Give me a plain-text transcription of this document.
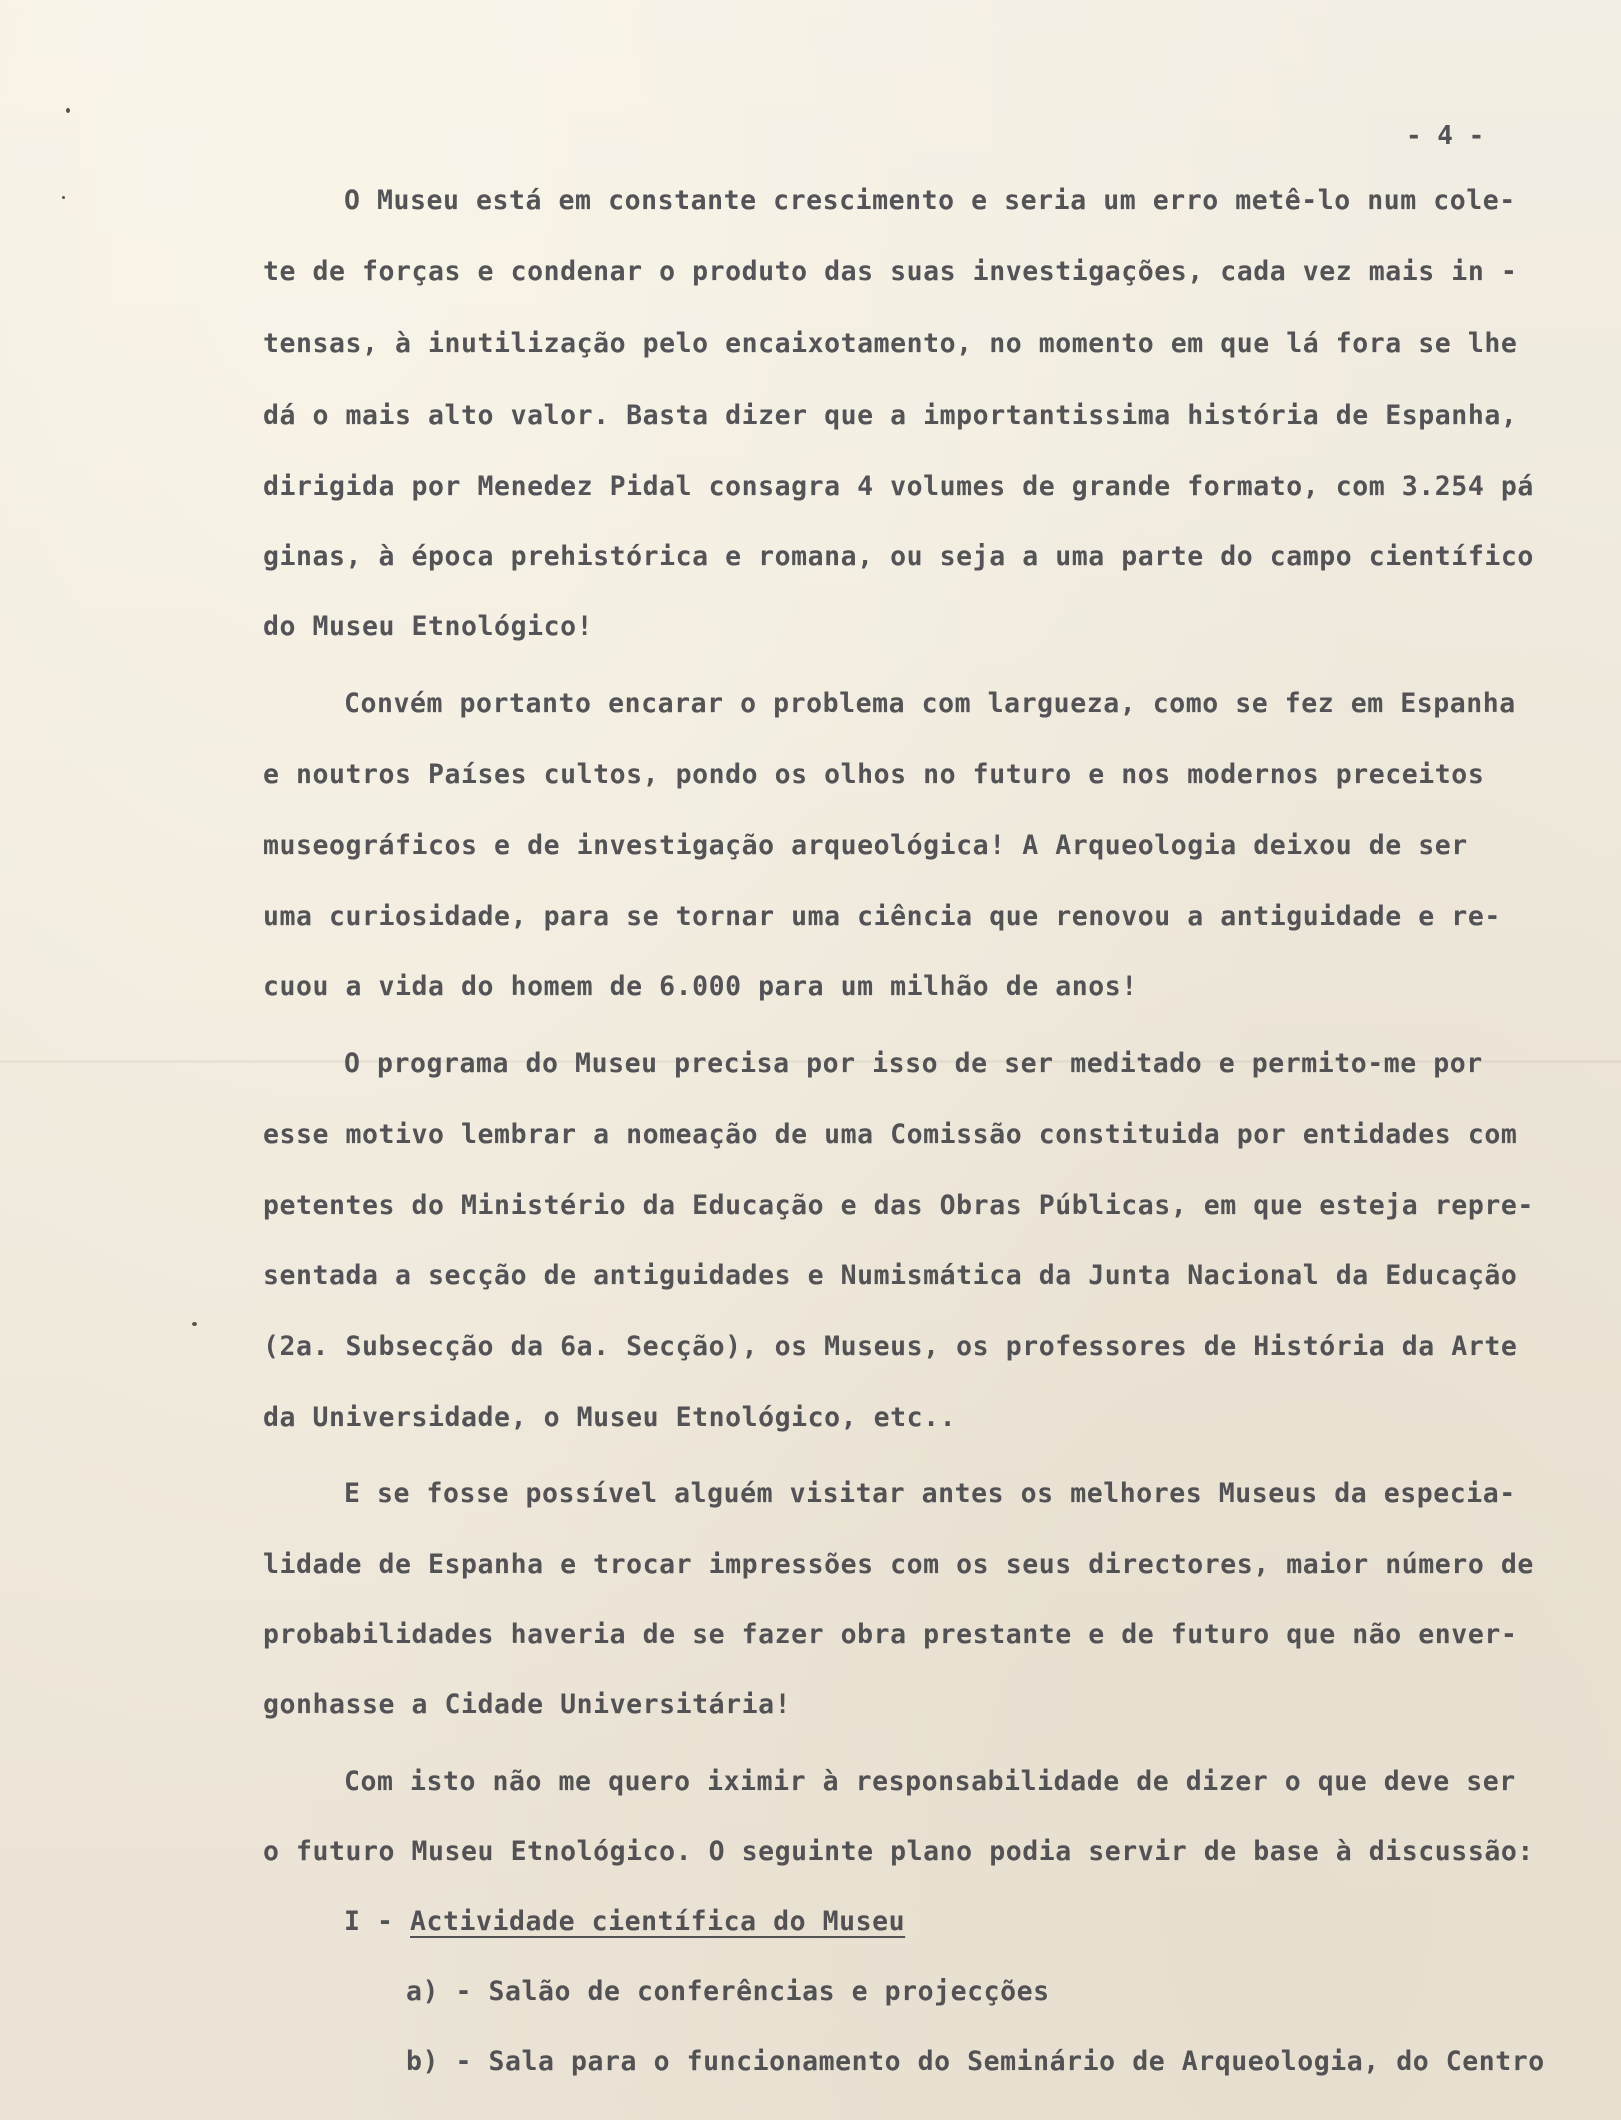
- 4 -

O Museu está em constante crescimento e seria um erro metê-lo num cole-

te de forças e condenar o produto das suas investigações, cada vez mais in -

tensas, à inutilização pelo encaixotamento, no momento em que lá fora se lhe

dá o mais alto valor. Basta dizer que a importantissima história de Espanha,

dirigida por Menedez Pidal consagra 4 volumes de grande formato, com 3.254 pá

ginas, à época prehistórica e romana, ou seja a uma parte do campo científico

do Museu Etnológico!

Convém portanto encarar o problema com largueza, como se fez em Espanha

e noutros Países cultos, pondo os olhos no futuro e nos modernos preceitos

museográficos e de investigação arqueológica! A Arqueologia deixou de ser

uma curiosidade, para se tornar uma ciência que renovou a antiguidade e re-

cuou a vida do homem de 6.000 para um milhão de anos!

O programa do Museu precisa por isso de ser meditado e permito-me por

esse motivo lembrar a nomeação de uma Comissão constituida por entidades com

petentes do Ministério da Educação e das Obras Públicas, em que esteja repre-

sentada a secção de antiguidades e Numismática da Junta Nacional da Educação

(2a. Subsecção da 6a. Secção), os Museus, os professores de História da Arte

da Universidade, o Museu Etnológico, etc..

E se fosse possível alguém visitar antes os melhores Museus da especia-

lidade de Espanha e trocar impressões com os seus directores, maior número de

probabilidades haveria de se fazer obra prestante e de futuro que não enver-

gonhasse a Cidade Universitária!

Com isto não me quero iximir à responsabilidade de dizer o que deve ser

o futuro Museu Etnológico. O seguinte plano podia servir de base à discussão:

I - Actividade científica do Museu

a) - Salão de conferências e projecções

b) - Sala para o funcionamento do Seminário de Arqueologia, do Centro
